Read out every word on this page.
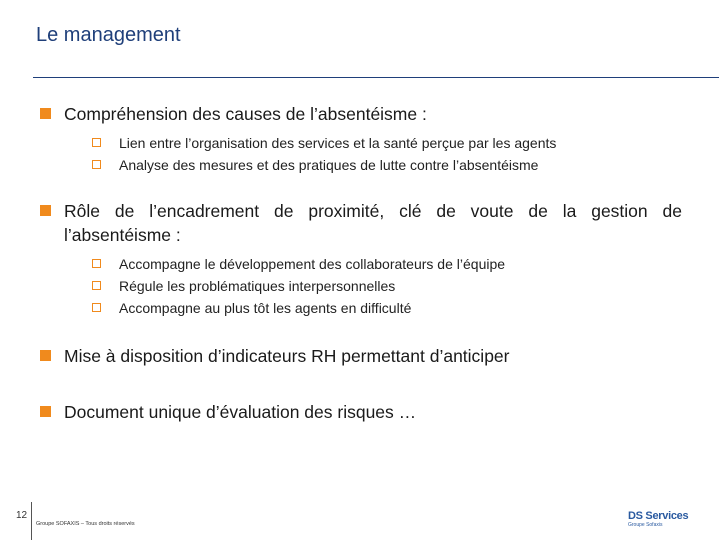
Le management
Compréhension des causes de l’absentéisme :
Lien entre l’organisation des services et la santé perçue par les agents
Analyse des mesures et des pratiques de lutte contre l’absentéisme
Rôle de l’encadrement de proximité, clé de voute de la gestion de l’absentéisme :
Accompagne le développement des collaborateurs de l’équipe
Régule les problématiques interpersonnelles
Accompagne au plus tôt les agents en difficulté
Mise à disposition d’indicateurs RH permettant d’anticiper
Document unique d’évaluation des risques …
12
Groupe SOFAXIS – Tous droits réservés
DS Services
Groupe Sofaxis
